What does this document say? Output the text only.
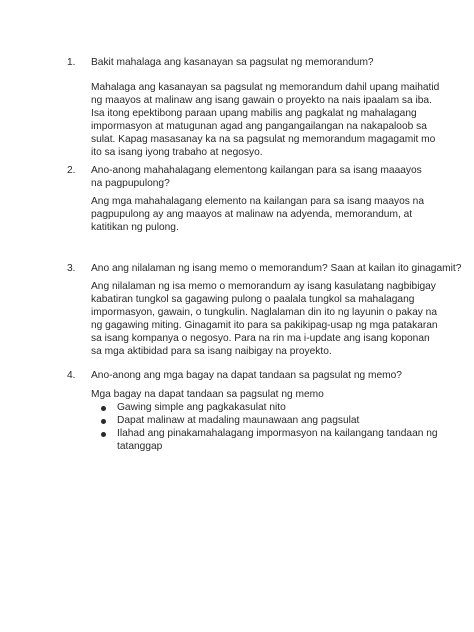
1. Bakit mahalaga ang kasanayan sa pagsulat ng memorandum?
Mahalaga ang kasanayan sa pagsulat ng memorandum dahil upang maihatid ng maayos at malinaw ang isang gawain o proyekto na nais ipaalam sa iba. Isa itong epektibong paraan upang mabilis ang pagkalat ng mahalagang impormasyon at matugunan agad ang pangangailangan na nakapaloob sa sulat. Kapag masasanay ka na sa pagsulat ng memorandum magagamit mo ito sa isang iyong trabaho at negosyo.
2. Ano-anong mahahalagang elementong kailangan para sa isang maaayos na pagpupulong?
Ang mga mahahalagang elemento na kailangan para sa isang maayos na pagpupulong ay ang maayos at malinaw na adyenda, memorandum, at katitikan ng pulong.
3. Ano ang nilalaman ng isang memo o memorandum? Saan at kailan ito ginagamit?
Ang nilalaman ng isa memo o memorandum ay isang kasulatang nagbibigay kabatiran tungkol sa gagawing pulong o paalala tungkol sa mahalagang impormasyon, gawain, o tungkulin. Naglalaman din ito ng layunin o pakay na ng gagawing miting. Ginagamit ito para sa pakikipag-usap ng mga patakaran sa isang kompanya o negosyo. Para na rin ma i-update ang isang koponan sa mga aktibidad para sa isang naibigay na proyekto.
4. Ano-anong ang mga bagay na dapat tandaan sa pagsulat ng memo?
Mga bagay na dapat tandaan sa pagsulat ng memo
Gawing simple ang pagkakasulat nito
Dapat malinaw at madaling maunawaan ang pagsulat
Ilahad ang pinakamahalagang impormasyon na kailangang tandaan ng tatanggap
